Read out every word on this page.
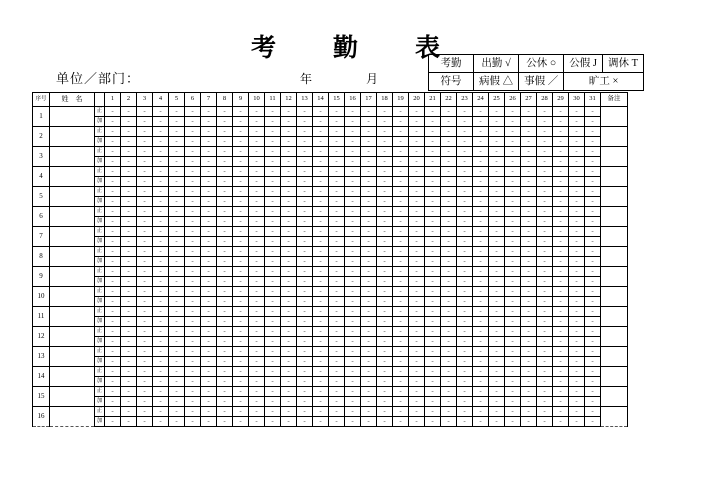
考　勤　表
单位／部门：	年　　月
考勤	出勤 √	公休 ○	公假 J	调休 T
符号	病假 △	事假 ／	旷工 ×	
序号	姓　名		1	2	3	4	5	6	7	8	9	10	11	12	13	14	15	16	17	18	19	20	21	22	23	24	25	26	27	28	29	30	31	备注
1		正	-	-	-	-	-	-	-	-	-	-	-	-	-	-	-	-	-	-	-	-	-	-	-	-	-	-	-	-	-	-	-	
		加	-	-	-	-	-	-	-	-	-	-	-	-	-	-	-	-	-	-	-	-	-	-	-	-	-	-	-	-	-	-	-	
2		正	-	-	-	-	-	-	-	-	-	-	-	-	-	-	-	-	-	-	-	-	-	-	-	-	-	-	-	-	-	-	-	
		加	-	-	-	-	-	-	-	-	-	-	-	-	-	-	-	-	-	-	-	-	-	-	-	-	-	-	-	-	-	-	-	
3		正	-	-	-	-	-	-	-	-	-	-	-	-	-	-	-	-	-	-	-	-	-	-	-	-	-	-	-	-	-	-	-	
		加	-	-	-	-	-	-	-	-	-	-	-	-	-	-	-	-	-	-	-	-	-	-	-	-	-	-	-	-	-	-	-	
4		正	-	-	-	-	-	-	-	-	-	-	-	-	-	-	-	-	-	-	-	-	-	-	-	-	-	-	-	-	-	-	-	
		加	-	-	-	-	-	-	-	-	-	-	-	-	-	-	-	-	-	-	-	-	-	-	-	-	-	-	-	-	-	-	-	
5		正	-	-	-	-	-	-	-	-	-	-	-	-	-	-	-	-	-	-	-	-	-	-	-	-	-	-	-	-	-	-	-	
		加	-	-	-	-	-	-	-	-	-	-	-	-	-	-	-	-	-	-	-	-	-	-	-	-	-	-	-	-	-	-	-	
6		正	-	-	-	-	-	-	-	-	-	-	-	-	-	-	-	-	-	-	-	-	-	-	-	-	-	-	-	-	-	-	-	
		加	-	-	-	-	-	-	-	-	-	-	-	-	-	-	-	-	-	-	-	-	-	-	-	-	-	-	-	-	-	-	-	
7		正	-	-	-	-	-	-	-	-	-	-	-	-	-	-	-	-	-	-	-	-	-	-	-	-	-	-	-	-	-	-	-	
		加	-	-	-	-	-	-	-	-	-	-	-	-	-	-	-	-	-	-	-	-	-	-	-	-	-	-	-	-	-	-	-	
8		正	-	-	-	-	-	-	-	-	-	-	-	-	-	-	-	-	-	-	-	-	-	-	-	-	-	-	-	-	-	-	-	
		加	-	-	-	-	-	-	-	-	-	-	-	-	-	-	-	-	-	-	-	-	-	-	-	-	-	-	-	-	-	-	-	
9		正	-	-	-	-	-	-	-	-	-	-	-	-	-	-	-	-	-	-	-	-	-	-	-	-	-	-	-	-	-	-	-	
		加	-	-	-	-	-	-	-	-	-	-	-	-	-	-	-	-	-	-	-	-	-	-	-	-	-	-	-	-	-	-	-	
10		正	-	-	-	-	-	-	-	-	-	-	-	-	-	-	-	-	-	-	-	-	-	-	-	-	-	-	-	-	-	-	-	
		加	-	-	-	-	-	-	-	-	-	-	-	-	-	-	-	-	-	-	-	-	-	-	-	-	-	-	-	-	-	-	-	
11		正	-	-	-	-	-	-	-	-	-	-	-	-	-	-	-	-	-	-	-	-	-	-	-	-	-	-	-	-	-	-	-	
		加	-	-	-	-	-	-	-	-	-	-	-	-	-	-	-	-	-	-	-	-	-	-	-	-	-	-	-	-	-	-	-	
12		正	-	-	-	-	-	-	-	-	-	-	-	-	-	-	-	-	-	-	-	-	-	-	-	-	-	-	-	-	-	-	-	
		加	-	-	-	-	-	-	-	-	-	-	-	-	-	-	-	-	-	-	-	-	-	-	-	-	-	-	-	-	-	-	-	
13		正	-	-	-	-	-	-	-	-	-	-	-	-	-	-	-	-	-	-	-	-	-	-	-	-	-	-	-	-	-	-	-	
		加	-	-	-	-	-	-	-	-	-	-	-	-	-	-	-	-	-	-	-	-	-	-	-	-	-	-	-	-	-	-	-	
14		正	-	-	-	-	-	-	-	-	-	-	-	-	-	-	-	-	-	-	-	-	-	-	-	-	-	-	-	-	-	-	-	
		加	-	-	-	-	-	-	-	-	-	-	-	-	-	-	-	-	-	-	-	-	-	-	-	-	-	-	-	-	-	-	-	
15		正	-	-	-	-	-	-	-	-	-	-	-	-	-	-	-	-	-	-	-	-	-	-	-	-	-	-	-	-	-	-	-	
		加	-	-	-	-	-	-	-	-	-	-	-	-	-	-	-	-	-	-	-	-	-	-	-	-	-	-	-	-	-	-	-	
16		正	-	-	-	-	-	-	-	-	-	-	-	-	-	-	-	-	-	-	-	-	-	-	-	-	-	-	-	-	-	-	-	
		加	-	-	-	-	-	-	-	-	-	-	-	-	-	-	-	-	-	-	-	-	-	-	-	-	-	-	-	-	-	-	-	
